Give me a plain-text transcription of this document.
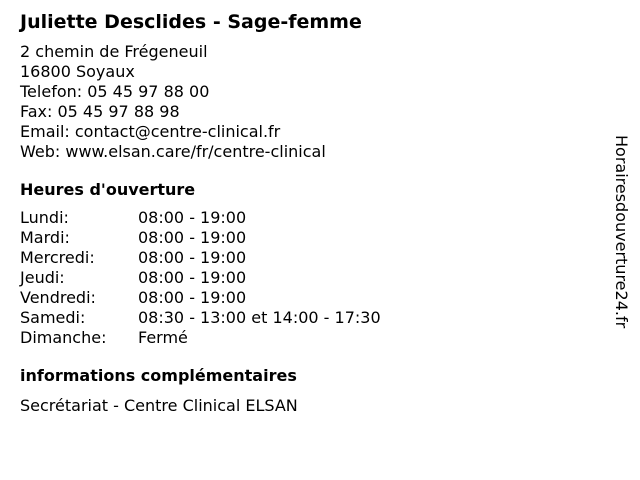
Juliette Desclides - Sage-femme
2 chemin de Frégeneuil
16800 Soyaux
Telefon: 05 45 97 88 00
Fax: 05 45 97 88 98
Email: contact@centre-clinical.fr
Web: www.elsan.care/fr/centre-clinical
Heures d'ouverture
Lundi:	08:00 - 19:00
Mardi:	08:00 - 19:00
Mercredi:	08:00 - 19:00
Jeudi:	08:00 - 19:00
Vendredi:	08:00 - 19:00
Samedi:	08:30 - 13:00 et 14:00 - 17:30
Dimanche:	Fermé
informations complémentaires
Secrétariat - Centre Clinical ELSAN
Horairesdouverture24.fr
